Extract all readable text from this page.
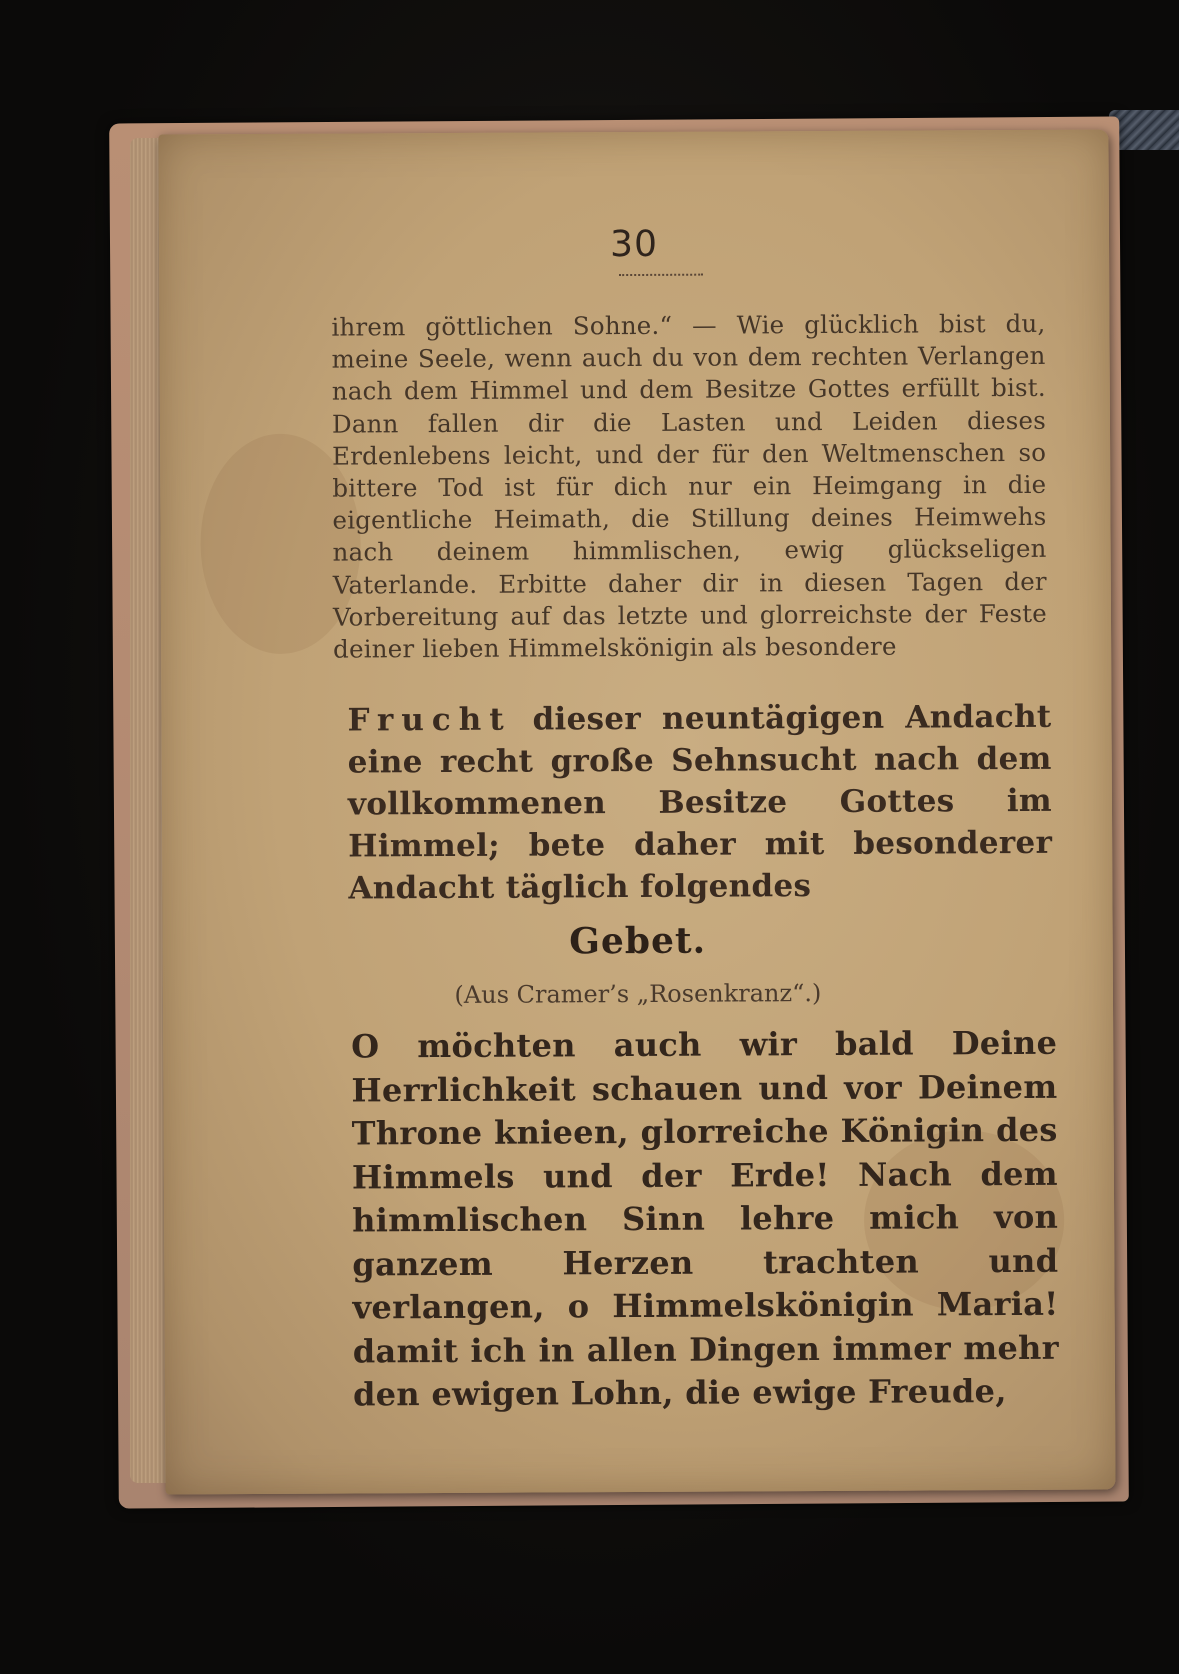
30

ihrem göttlichen Sohne.“ — Wie glücklich bist du, meine Seele, wenn auch du von dem rechten Verlangen nach dem Himmel und dem Besitze Gottes erfüllt bist. Dann fallen dir die Lasten und Leiden dieses Erdenlebens leicht, und der für den Weltmenschen so bittere Tod ist für dich nur ein Heimgang in die eigentliche Heimath, die Stillung deines Heimwehs nach deinem himmlischen, ewig glückseligen Vaterlande. Erbitte daher dir in diesen Tagen der Vorbereitung auf das letzte und glorreichste der Feste deiner lieben Himmelskönigin als besondere

Frucht dieser neuntägigen Andacht eine recht große Sehnsucht nach dem vollkommenen Besitze Gottes im Himmel; bete daher mit besonderer Andacht täglich folgendes

Gebet.
(Aus Cramer’s „Rosenkranz“.)

O möchten auch wir bald Deine Herrlichkeit schauen und vor Deinem Throne knieen, glorreiche Königin des Himmels und der Erde! Nach dem himmlischen Sinn lehre mich von ganzem Herzen trachten und verlangen, o Himmelskönigin Maria! damit ich in allen Dingen immer mehr den ewigen Lohn, die ewige Freude,
